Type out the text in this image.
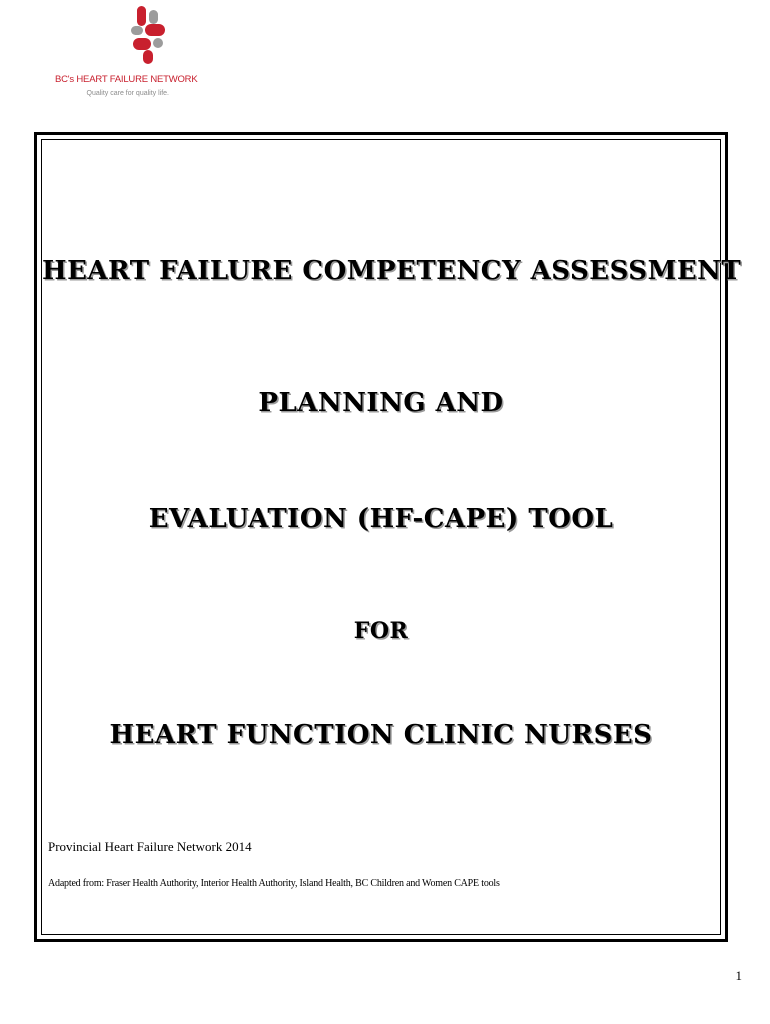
BC's HEART FAILURE NETWORK
Quality care for quality life.
HEART FAILURE COMPETENCY ASSESSMENT
PLANNING AND
EVALUATION (HF-CAPE) TOOL
FOR
HEART FUNCTION CLINIC NURSES
Provincial Heart Failure Network 2014
Adapted from: Fraser Health Authority, Interior Health Authority, Island Health, BC Children and Women CAPE tools
1
